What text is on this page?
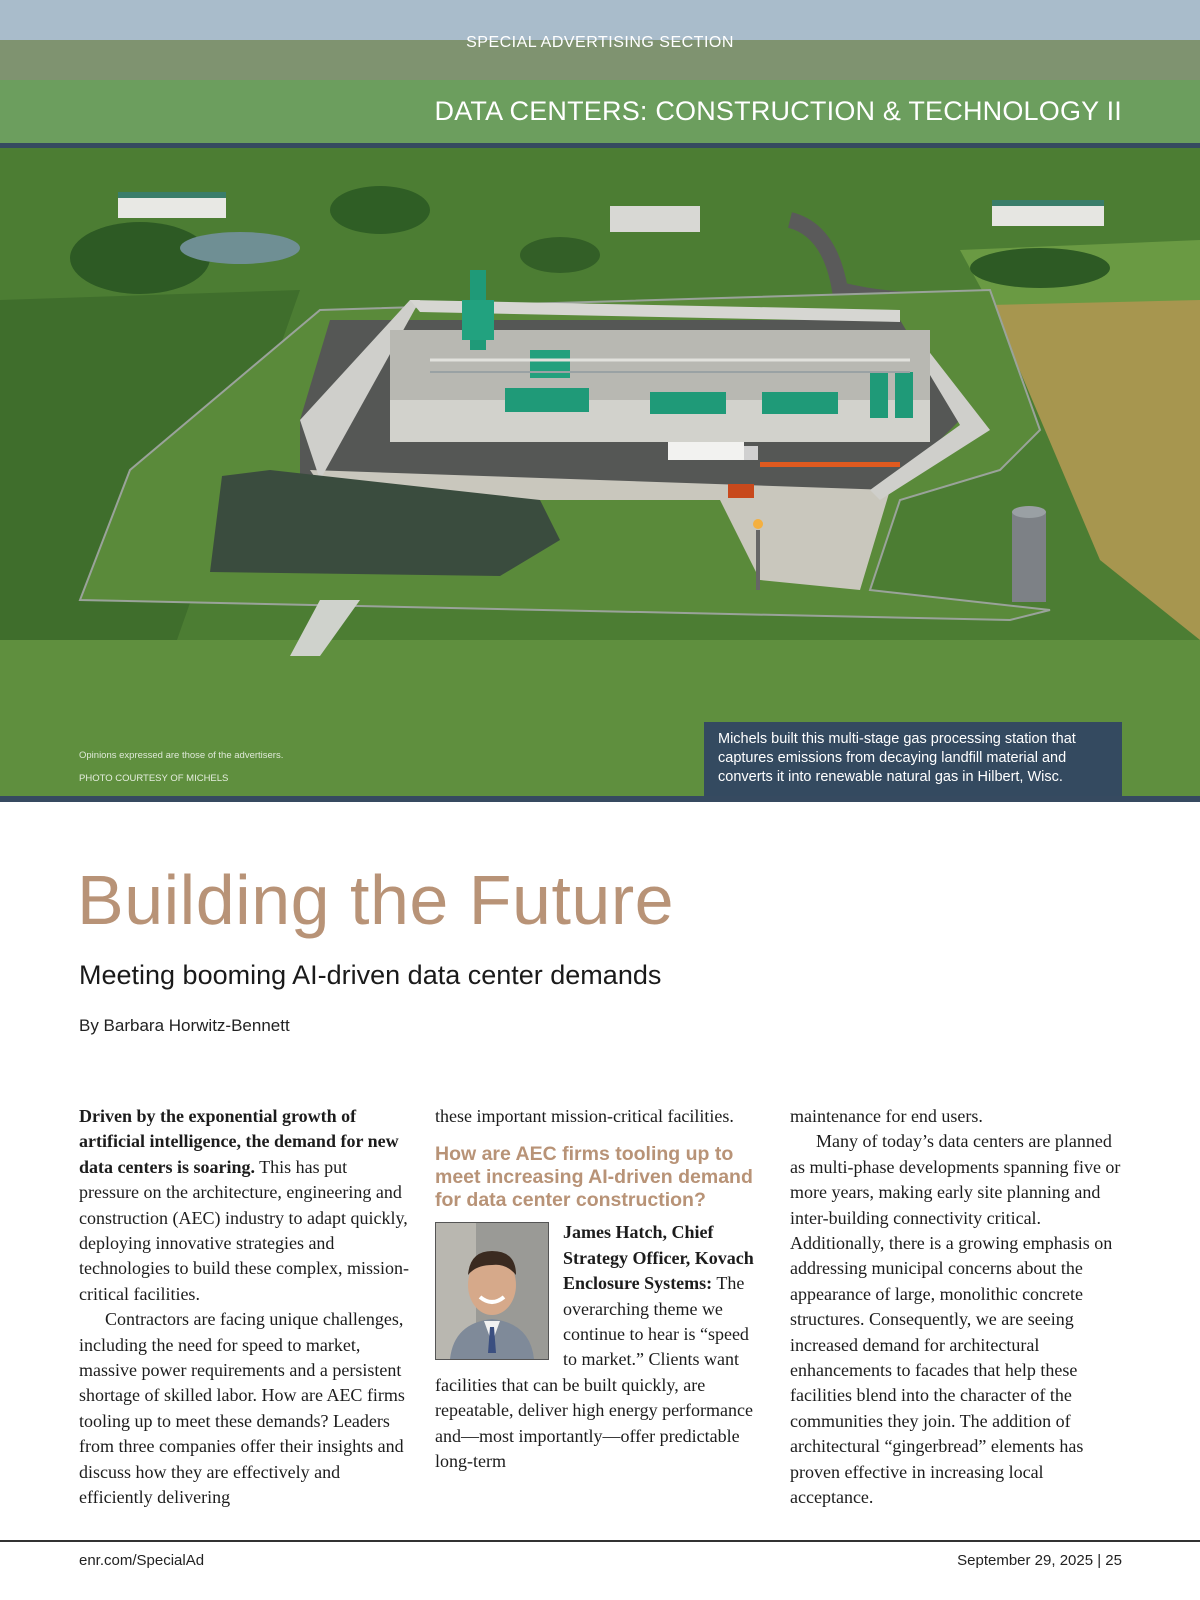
SPECIAL ADVERTISING SECTION
DATA CENTERS: CONSTRUCTION & TECHNOLOGY II
Opinions expressed are those of the advertisers.
PHOTO COURTESY OF MICHELS
Michels built this multi-stage gas processing station that captures emissions from decaying landfill material and converts it into renewable natural gas in Hilbert, Wisc.
Building the Future
Meeting booming AI-driven data center demands
By Barbara Horwitz-Bennett

Driven by the exponential growth of artificial intelligence, the demand for new data centers is soaring. This has put pressure on the architecture, engineering and construction (AEC) industry to adapt quickly, deploying innovative strategies and technologies to build these complex, mission-critical facilities.

Contractors are facing unique challenges, including the need for speed to market, massive power requirements and a persistent shortage of skilled labor. How are AEC firms tooling up to meet these demands? Leaders from three companies offer their insights and discuss how they are effectively and efficiently delivering

these important mission-critical facilities.

How are AEC firms tooling up to meet increasing AI-driven demand for data center construction?

James Hatch, Chief Strategy Officer, Kovach Enclosure Systems: The overarching theme we continue to hear is “speed to market.” Clients want facilities that can be built quickly, are repeatable, deliver high energy performance and—most importantly—offer predictable long-term

maintenance for end users.

Many of today’s data centers are planned as multi-phase developments spanning five or more years, making early site planning and inter-building connectivity critical. Additionally, there is a growing emphasis on addressing municipal concerns about the appearance of large, monolithic concrete structures. Consequently, we are seeing increased demand for architectural enhancements to facades that help these facilities blend into the character of the communities they join. The addition of architectural “gingerbread” elements has proven effective in increasing local acceptance.

enr.com/SpecialAd	September 29, 2025 | 25
